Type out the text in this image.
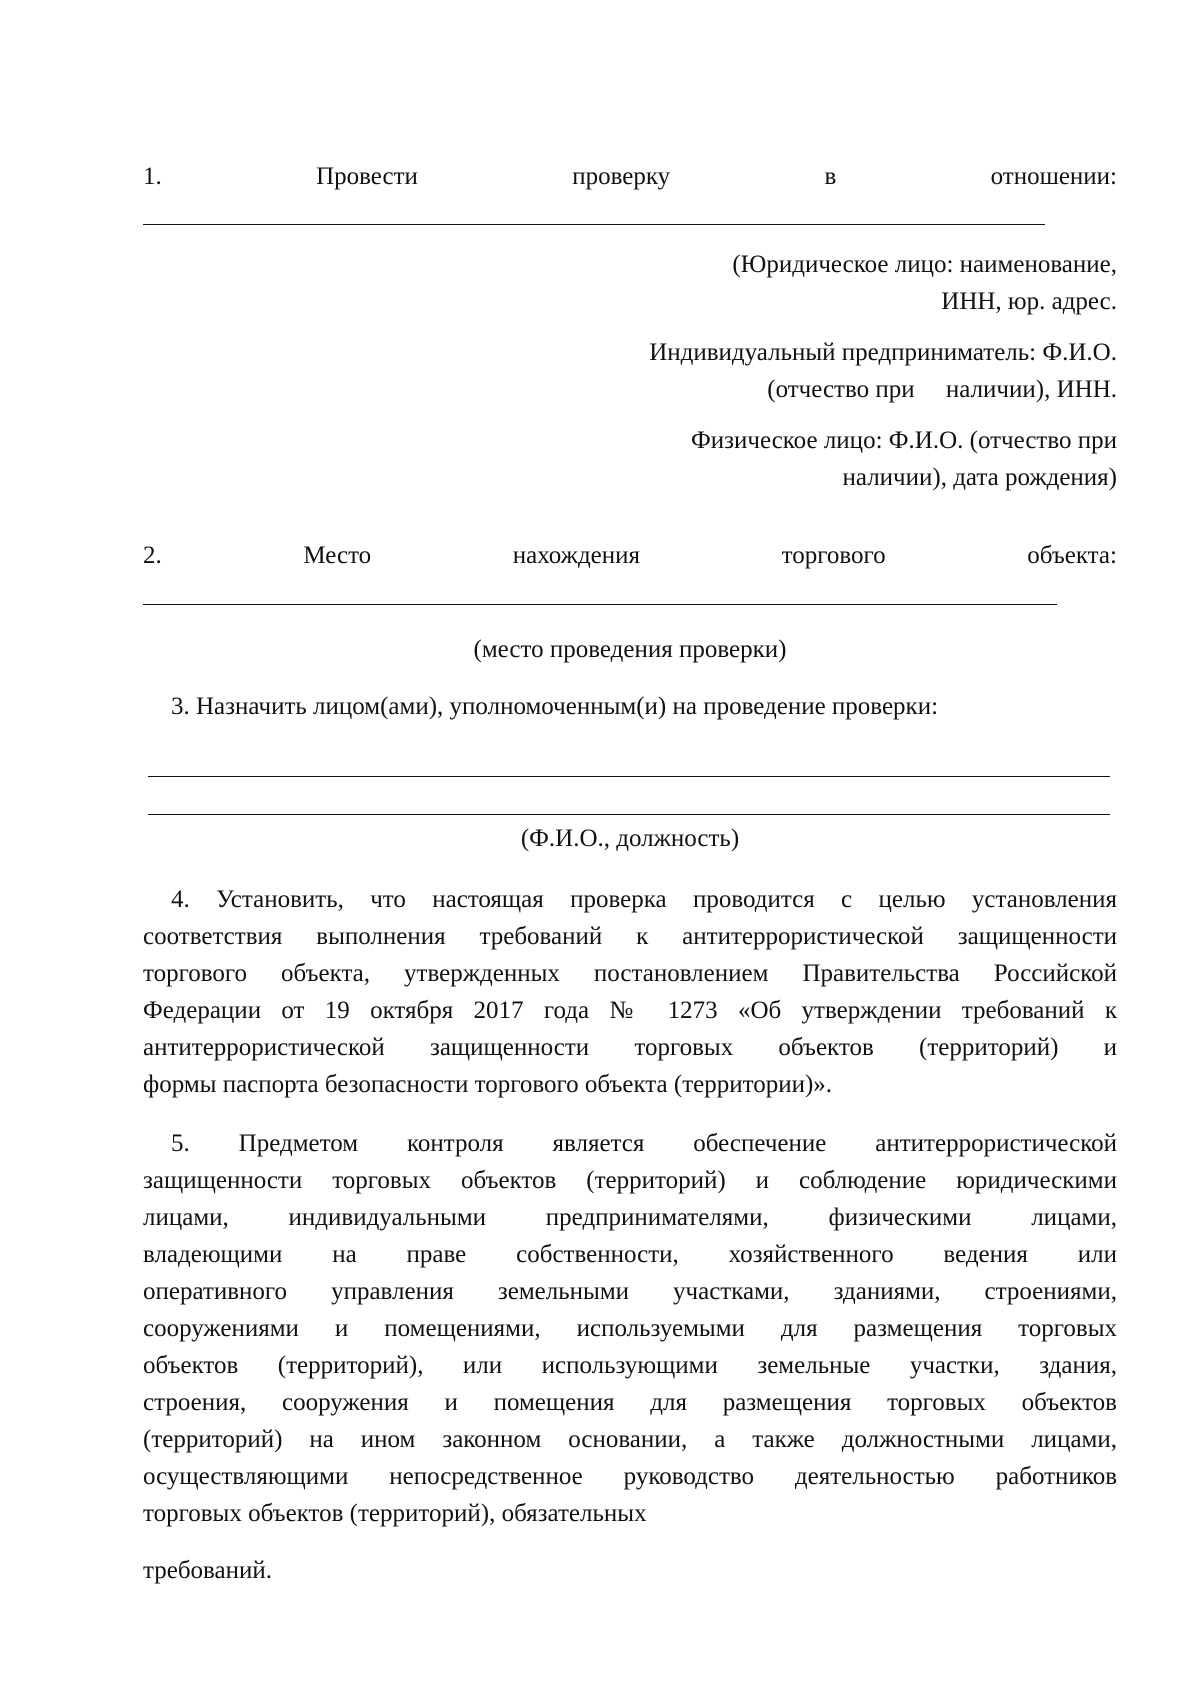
1.	Провести	проверку	в	отношении:
(Юридическое лицо: наименование,
ИНН, юр. адрес.
Индивидуальный предприниматель: Ф.И.О.
(отчество при     наличии), ИНН.
Физическое лицо: Ф.И.О. (отчество при
наличии), дата рождения)
2.	Место	нахождения	торгового	объекта:
(место проведения проверки)
3. Назначить лицом(ами), уполномоченным(и) на проведение проверки:
(Ф.И.О., должность)
4. Установить, что настоящая проверка проводится с целью установления
соответствия выполнения требований к антитеррористической защищенности
торгового объекта, утвержденных постановлением Правительства Российской
Федерации от 19 октября 2017 года № 1273 «Об утверждении требований к
антитеррористической защищенности торговых объектов (территорий) и
формы паспорта безопасности торгового объекта (территории)».
5. Предметом контроля является обеспечение антитеррористической
защищенности торговых объектов (территорий) и соблюдение юридическими
лицами, индивидуальными предпринимателями, физическими лицами,
владеющими на праве собственности, хозяйственного ведения или
оперативного управления земельными участками, зданиями, строениями,
сооружениями и помещениями, используемыми для размещения торговых
объектов (территорий), или использующими земельные участки, здания,
строения, сооружения и помещения для размещения торговых объектов
(территорий) на ином законном основании, а также должностными лицами,
осуществляющими непосредственное руководство деятельностью работников
торговых объектов (территорий), обязательных
требований.
